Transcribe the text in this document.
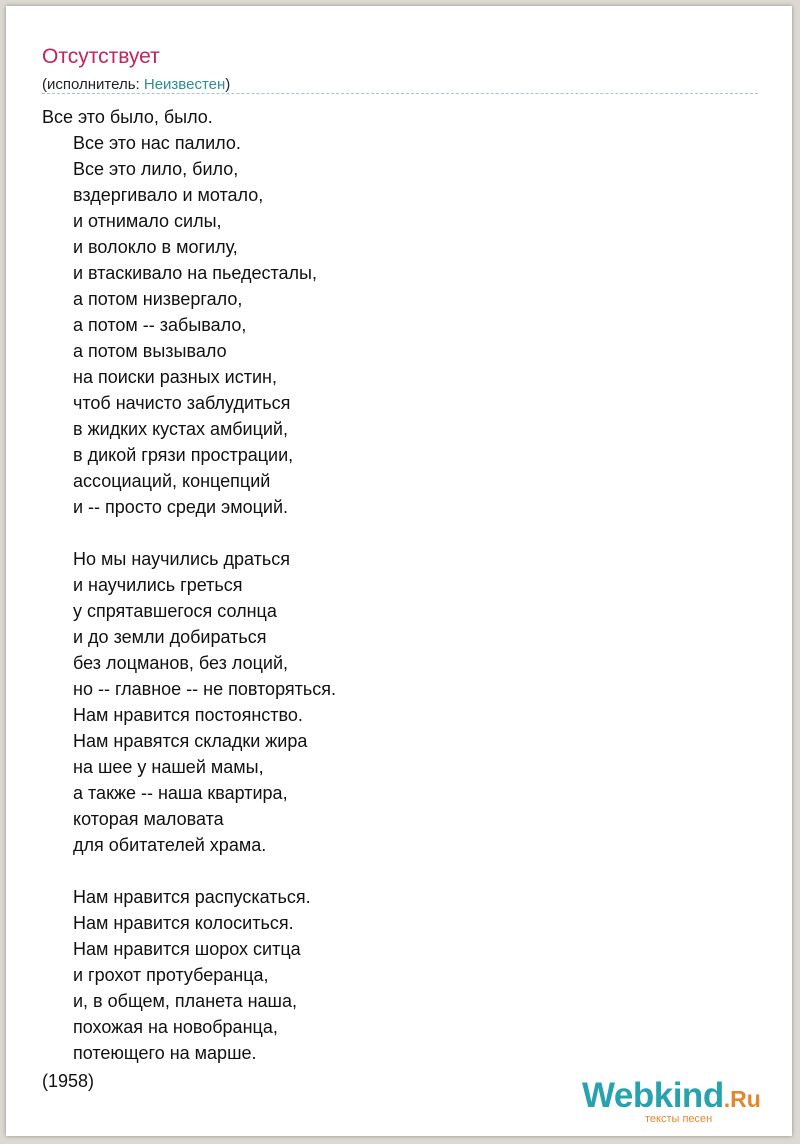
Отсутствует
(исполнитель: Неизвестен)
Все это было, было.
Все это нас палило.
Все это лило, било,
вздергивало и мотало,
и отнимало силы,
и волокло в могилу,
и втаскивало на пьедесталы,
а потом низвергало,
а потом -- забывало,
а потом вызывало
на поиски разных истин,
чтоб начисто заблудиться
в жидких кустах амбиций,
в дикой грязи прострации,
ассоциаций, концепций
и -- просто среди эмоций.
Но мы научились драться
и научились греться
у спрятавшегося солнца
и до земли добираться
без лоцманов, без лоций,
но -- главное -- не повторяться.
Нам нравится постоянство.
Нам нравятся складки жира
на шее у нашей мамы,
а также -- наша квартира,
которая маловата
для обитателей храма.
Нам нравится распускаться.
Нам нравится колоситься.
Нам нравится шорох ситца
и грохот протуберанца,
и, в общем, планета наша,
похожая на новобранца,
потеющего на марше.
(1958)	Webkind.Ru
тексты песен
